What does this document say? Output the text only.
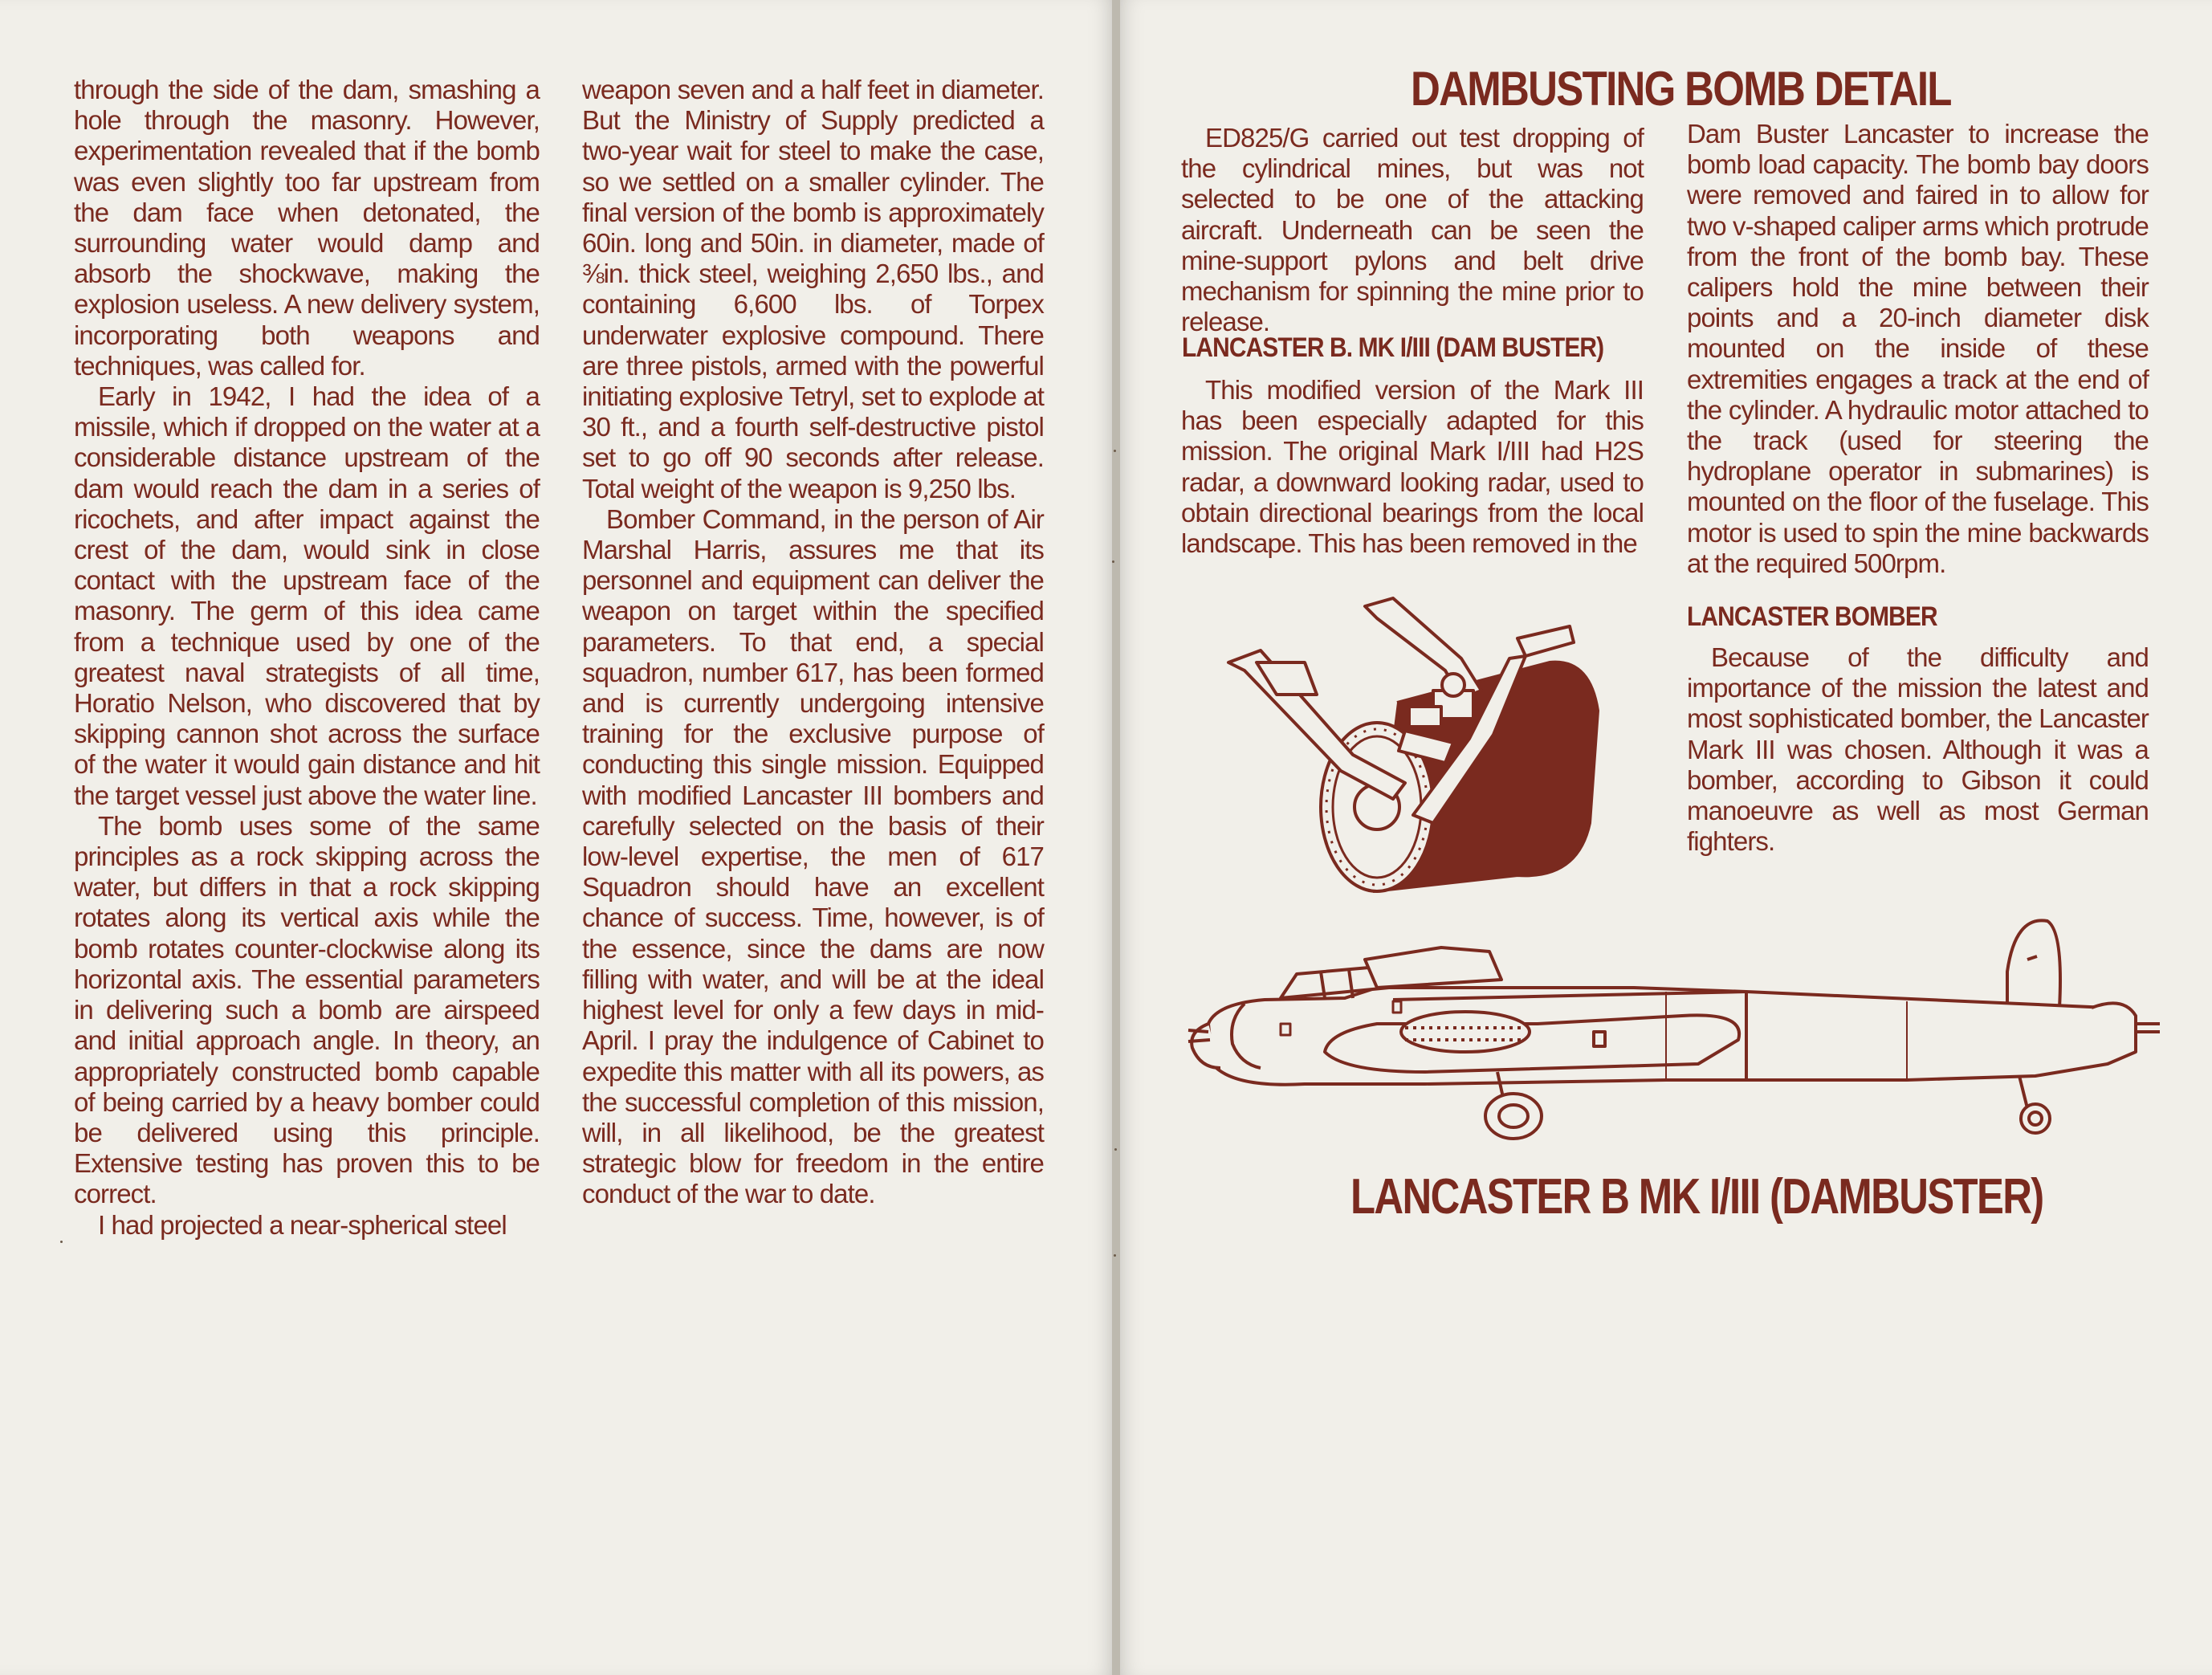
through the side of the dam, smashing a hole through the masonry. However, experimentation revealed that if the bomb was even slightly too far upstream from the dam face when detonated, the surrounding water would damp and absorb the shockwave, making the explosion useless. A new delivery system, incorporating both weapons and techniques, was called for.

Early in 1942, I had the idea of a missile, which if dropped on the water at a considerable distance upstream of the dam would reach the dam in a series of ricochets, and after impact against the crest of the dam, would sink in close contact with the upstream face of the masonry. The germ of this idea came from a technique used by one of the greatest naval strategists of all time, Horatio Nelson, who discovered that by skipping cannon shot across the surface of the water it would gain distance and hit the target vessel just above the water line.

The bomb uses some of the same principles as a rock skipping across the water, but differs in that a rock skipping rotates along its vertical axis while the bomb rotates counter-clockwise along its horizontal axis. The essential parameters in delivering such a bomb are airspeed and initial approach angle. In theory, an appropriately constructed bomb capable of being carried by a heavy bomber could be delivered using this principle. Extensive testing has proven this to be correct.

I had projected a near-spherical steel

weapon seven and a half feet in diameter. But the Ministry of Supply predicted a two-year wait for steel to make the case, so we settled on a smaller cylinder. The final version of the bomb is approximately 60in. long and 50in. in diameter, made of ⅜in. thick steel, weighing 2,650 lbs., and containing 6,600 lbs. of Torpex underwater explosive compound. There are three pistols, armed with the powerful initiating explosive Tetryl, set to explode at 30 ft., and a fourth self-destructive pistol set to go off 90 seconds after release. Total weight of the weapon is 9,250 lbs.

Bomber Command, in the person of Air Marshal Harris, assures me that its personnel and equipment can deliver the weapon on target within the specified parameters. To that end, a special squadron, number 617, has been formed and is currently undergoing intensive training for the exclusive purpose of conducting this single mission. Equipped with modified Lancaster III bombers and carefully selected on the basis of their low-level expertise, the men of 617 Squadron should have an excellent chance of success. Time, however, is of the essence, since the dams are now filling with water, and will be at the ideal highest level for only a few days in mid-April. I pray the indulgence of Cabinet to expedite this matter with all its powers, as the successful completion of this mission, will, in all likelihood, be the greatest strategic blow for freedom in the entire conduct of the war to date.

DAMBUSTING BOMB DETAIL

ED825/G carried out test dropping of the cylindrical mines, but was not selected to be one of the attacking aircraft. Underneath can be seen the mine-support pylons and belt drive mechanism for spinning the mine prior to release.

LANCASTER B. MK I/III (DAM BUSTER)

This modified version of the Mark III has been especially adapted for this mission. The original Mark I/III had H2S radar, a downward looking radar, used to obtain directional bearings from the local landscape. This has been removed in the

Dam Buster Lancaster to increase the bomb load capacity. The bomb bay doors were removed and faired in to allow for two v-shaped caliper arms which protrude from the front of the bomb bay. These calipers hold the mine between their points and a 20-inch diameter disk mounted on the inside of these extremities engages a track at the end of the cylinder. A hydraulic motor attached to the track (used for steering the hydroplane operator in submarines) is mounted on the floor of the fuselage. This motor is used to spin the mine backwards at the required 500rpm.

LANCASTER BOMBER

Because of the difficulty and importance of the mission the latest and most sophisticated bomber, the Lancaster Mark III was chosen. Although it was a bomber, according to Gibson it could manoeuvre as well as most German fighters.

LANCASTER B MK I/III (DAMBUSTER)
